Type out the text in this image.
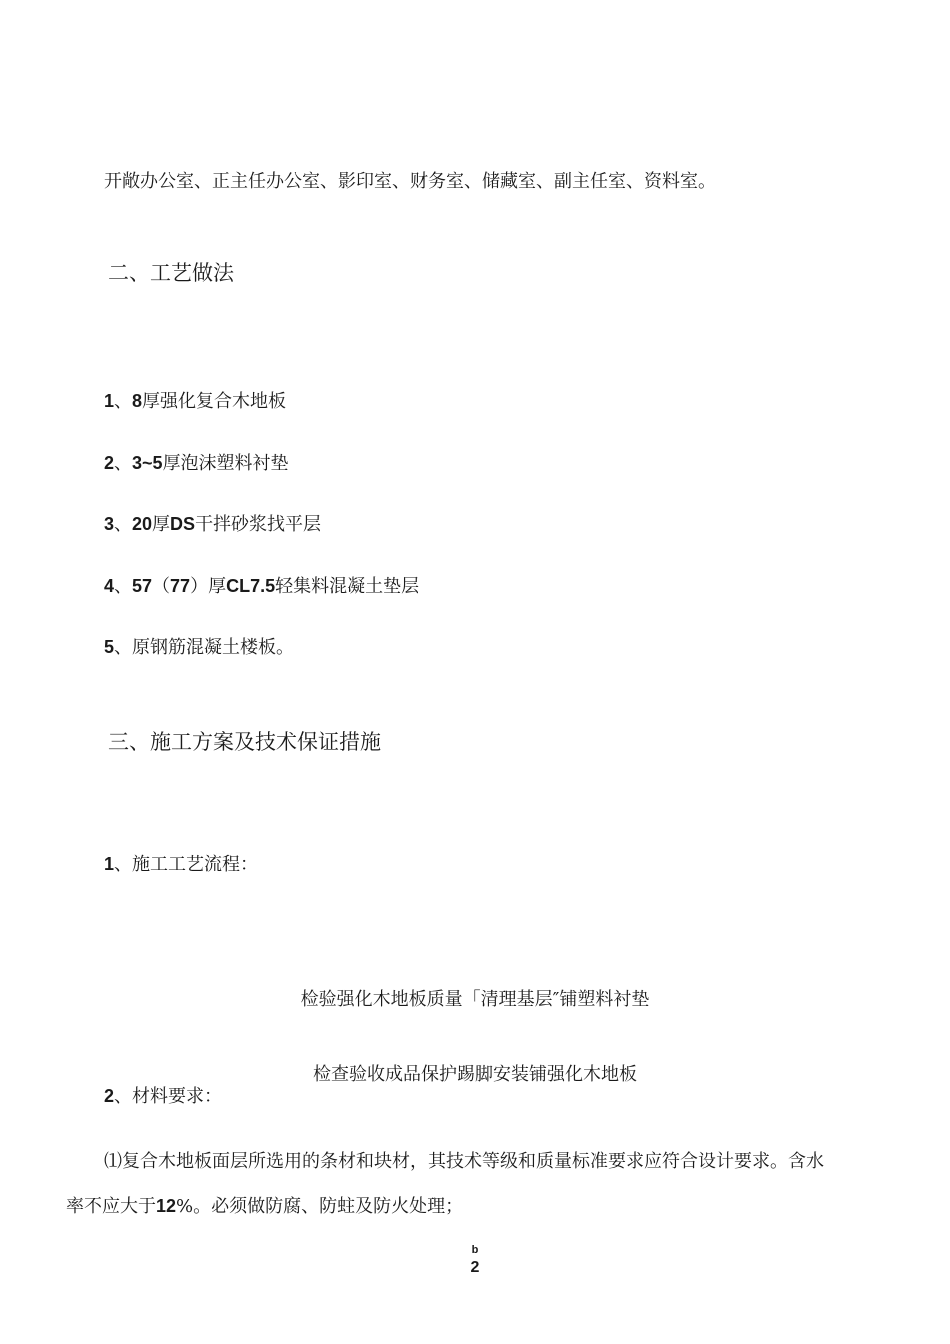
开敞办公室、正主任办公室、影印室、财务室、储藏室、副主任室、资料室。
二、工艺做法
1、8厚强化复合木地板
2、3~5厚泡沫塑料衬垫
3、20厚DS干拌砂浆找平层
4、57（77）厚CL7.5轻集料混凝土垫层
5、原钢筋混凝土楼板。
三、施工方案及技术保证措施
1、施工工艺流程：
检验强化木地板质量「清理基层″铺塑料衬垫
检查验收成品保护踢脚安装铺强化木地板
2、材料要求：
⑴复合木地板面层所选用的条材和块材，其技术等级和质量标准要求应符合设计要求。含水
率不应大于12%。必须做防腐、防蛀及防火处理；
b
2
